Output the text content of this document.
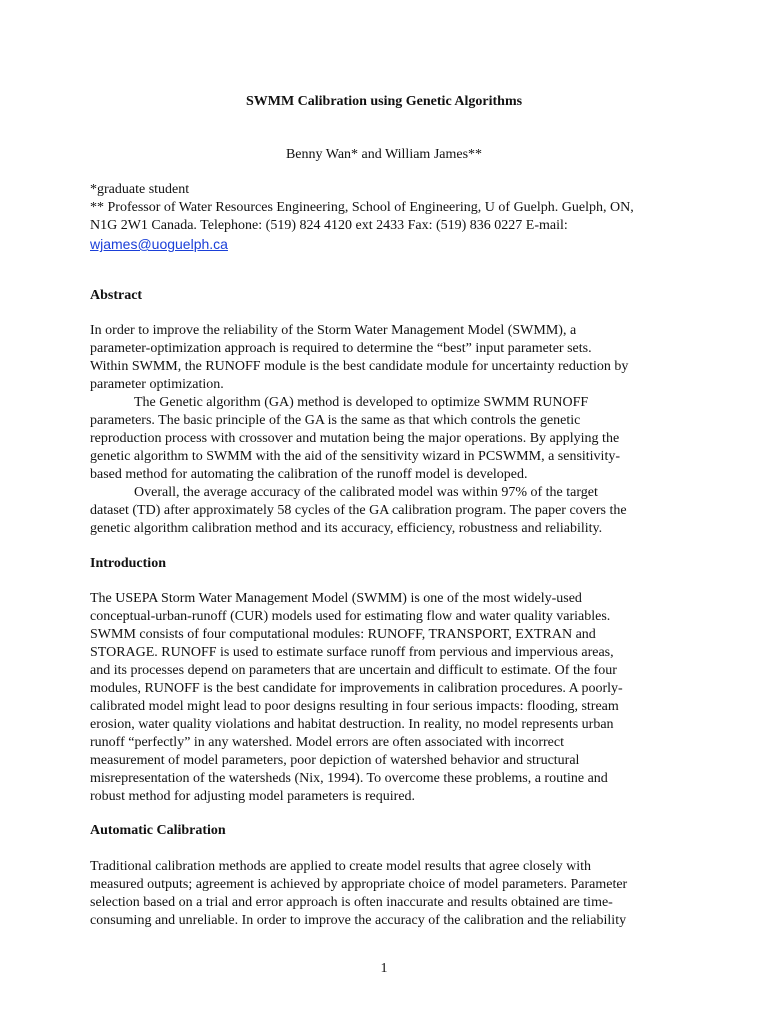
SWMM Calibration using Genetic Algorithms
Benny Wan* and William James**
*graduate student
** Professor of Water Resources Engineering, School of Engineering, U of Guelph. Guelph, ON,
N1G 2W1 Canada. Telephone: (519) 824 4120 ext 2433 Fax: (519) 836 0227 E-mail:
wjames@uoguelph.ca
Abstract
In order to improve the reliability of the Storm Water Management Model (SWMM), a
parameter-optimization approach is required to determine the “best” input parameter sets.
Within SWMM, the RUNOFF module is the best candidate module for uncertainty reduction by
parameter optimization.
The Genetic algorithm (GA) method is developed to optimize SWMM RUNOFF
parameters. The basic principle of the GA is the same as that which controls the genetic
reproduction process with crossover and mutation being the major operations. By applying the
genetic algorithm to SWMM with the aid of the sensitivity wizard in PCSWMM, a sensitivity-
based method for automating the calibration of the runoff model is developed.
Overall, the average accuracy of the calibrated model was within 97% of the target
dataset (TD) after approximately 58 cycles of the GA calibration program. The paper covers the
genetic algorithm calibration method and its accuracy, efficiency, robustness and reliability.
Introduction
The USEPA Storm Water Management Model (SWMM) is one of the most widely-used
conceptual-urban-runoff (CUR) models used for estimating flow and water quality variables.
SWMM consists of four computational modules: RUNOFF, TRANSPORT, EXTRAN and
STORAGE. RUNOFF is used to estimate surface runoff from pervious and impervious areas,
and its processes depend on parameters that are uncertain and difficult to estimate. Of the four
modules, RUNOFF is the best candidate for improvements in calibration procedures. A poorly-
calibrated model might lead to poor designs resulting in four serious impacts: flooding, stream
erosion, water quality violations and habitat destruction. In reality, no model represents urban
runoff “perfectly” in any watershed. Model errors are often associated with incorrect
measurement of model parameters, poor depiction of watershed behavior and structural
misrepresentation of the watersheds (Nix, 1994). To overcome these problems, a routine and
robust method for adjusting model parameters is required.
Automatic Calibration
Traditional calibration methods are applied to create model results that agree closely with
measured outputs; agreement is achieved by appropriate choice of model parameters. Parameter
selection based on a trial and error approach is often inaccurate and results obtained are time-
consuming and unreliable. In order to improve the accuracy of the calibration and the reliability
1
